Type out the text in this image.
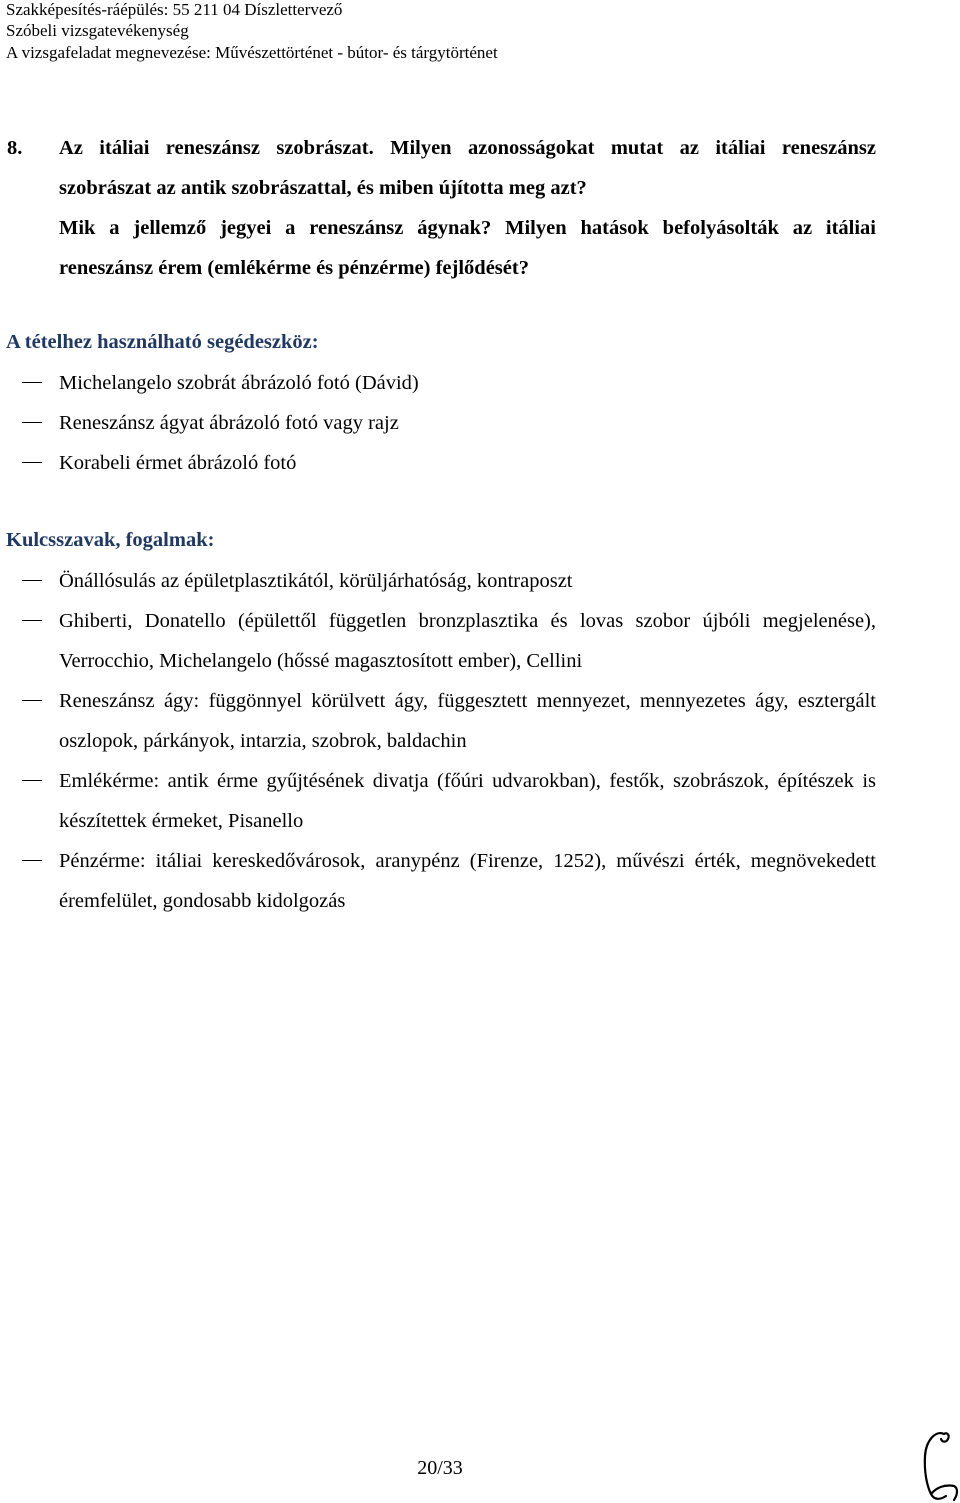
Szakképesítés-ráépülés: 55 211 04 Díszlettervező
Szóbeli vizsgatevékenység
A vizsgafeladat megnevezése: Művészettörténet - bútor- és tárgytörténet
8. Az itáliai reneszánsz szobrászat. Milyen azonosságokat mutat az itáliai reneszánsz
szobrászat az antik szobrászattal, és miben újította meg azt?
Mik a jellemző jegyei a reneszánsz ágynak? Milyen hatások befolyásolták az itáliai
reneszánsz érem (emlékérme és pénzérme) fejlődését?
A tételhez használható segédeszköz:
Michelangelo szobrát ábrázoló fotó (Dávid)
Reneszánsz ágyat ábrázoló fotó vagy rajz
Korabeli érmet ábrázoló fotó
Kulcsszavak, fogalmak:
Önállósulás az épületplasztikától, körüljárhatóság, kontraposzt
Ghiberti, Donatello (épülettől független bronzplasztika és lovas szobor újbóli megjelenése), Verrocchio, Michelangelo (hőssé magasztosított ember), Cellini
Reneszánsz ágy: függönnyel körülvett ágy, függesztett mennyezet, mennyezetes ágy, esztergált oszlopok, párkányok, intarzia, szobrok, baldachin
Emlékérme: antik érme gyűjtésének divatja (főúri udvarokban), festők, szobrászok, építészek is készítettek érmeket, Pisanello
Pénzérme: itáliai kereskedővárosok, aranypénz (Firenze, 1252), művészi érték, megnövekedett éremfelület, gondosabb kidolgozás
20/33
